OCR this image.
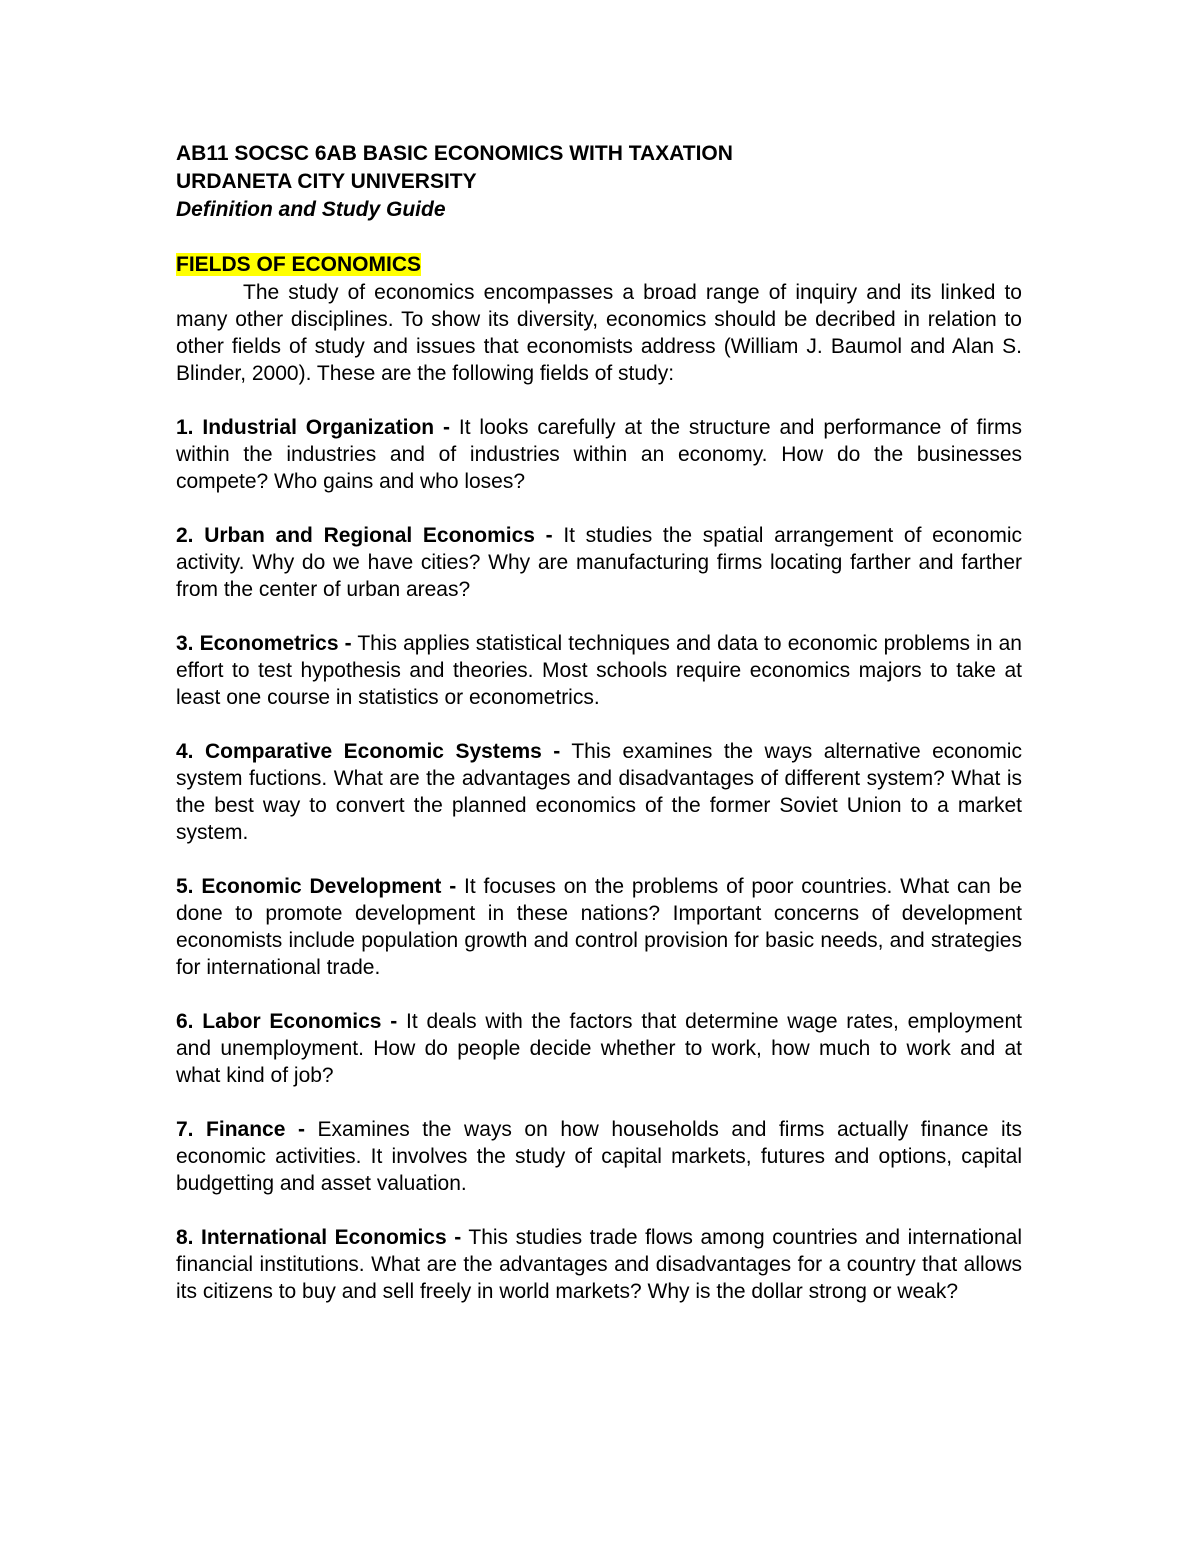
AB11 SOCSC 6AB BASIC ECONOMICS WITH TAXATION

URDANETA CITY UNIVERSITY

Definition and Study Guide

FIELDS OF ECONOMICS

The study of economics encompasses a broad range of inquiry and its linked to many other disciplines. To show its diversity, economics should be decribed in relation to other fields of study and issues that economists address (William J. Baumol and Alan S. Blinder, 2000). These are the following fields of study:

1. Industrial Organization - It looks carefully at the structure and performance of firms within the industries and of industries within an economy. How do the businesses compete? Who gains and who loses?

2. Urban and Regional Economics - It studies the spatial arrangement of economic activity. Why do we have cities? Why are manufacturing firms locating farther and farther from the center of urban areas?

3. Econometrics - This applies statistical techniques and data to economic problems in an effort to test hypothesis and theories. Most schools require economics majors to take at least one course in statistics or econometrics.

4. Comparative Economic Systems - This examines the ways alternative economic system fuctions. What are the advantages and disadvantages of different system? What is the best way to convert the planned economics of the former Soviet Union to a market system.

5. Economic Development - It focuses on the problems of poor countries. What can be done to promote development in these nations? Important concerns of development economists include population growth and control provision for basic needs, and strategies for international trade.

6. Labor Economics - It deals with the factors that determine wage rates, employment and unemployment. How do people decide whether to work, how much to work and at what kind of job?

7. Finance - Examines the ways on how households and firms actually finance its economic activities. It involves the study of capital markets, futures and options, capital budgetting and asset valuation.

8. International Economics - This studies trade flows among countries and international financial institutions. What are the advantages and disadvantages for a country that allows its citizens to buy and sell freely in world markets? Why is the dollar strong or weak?
